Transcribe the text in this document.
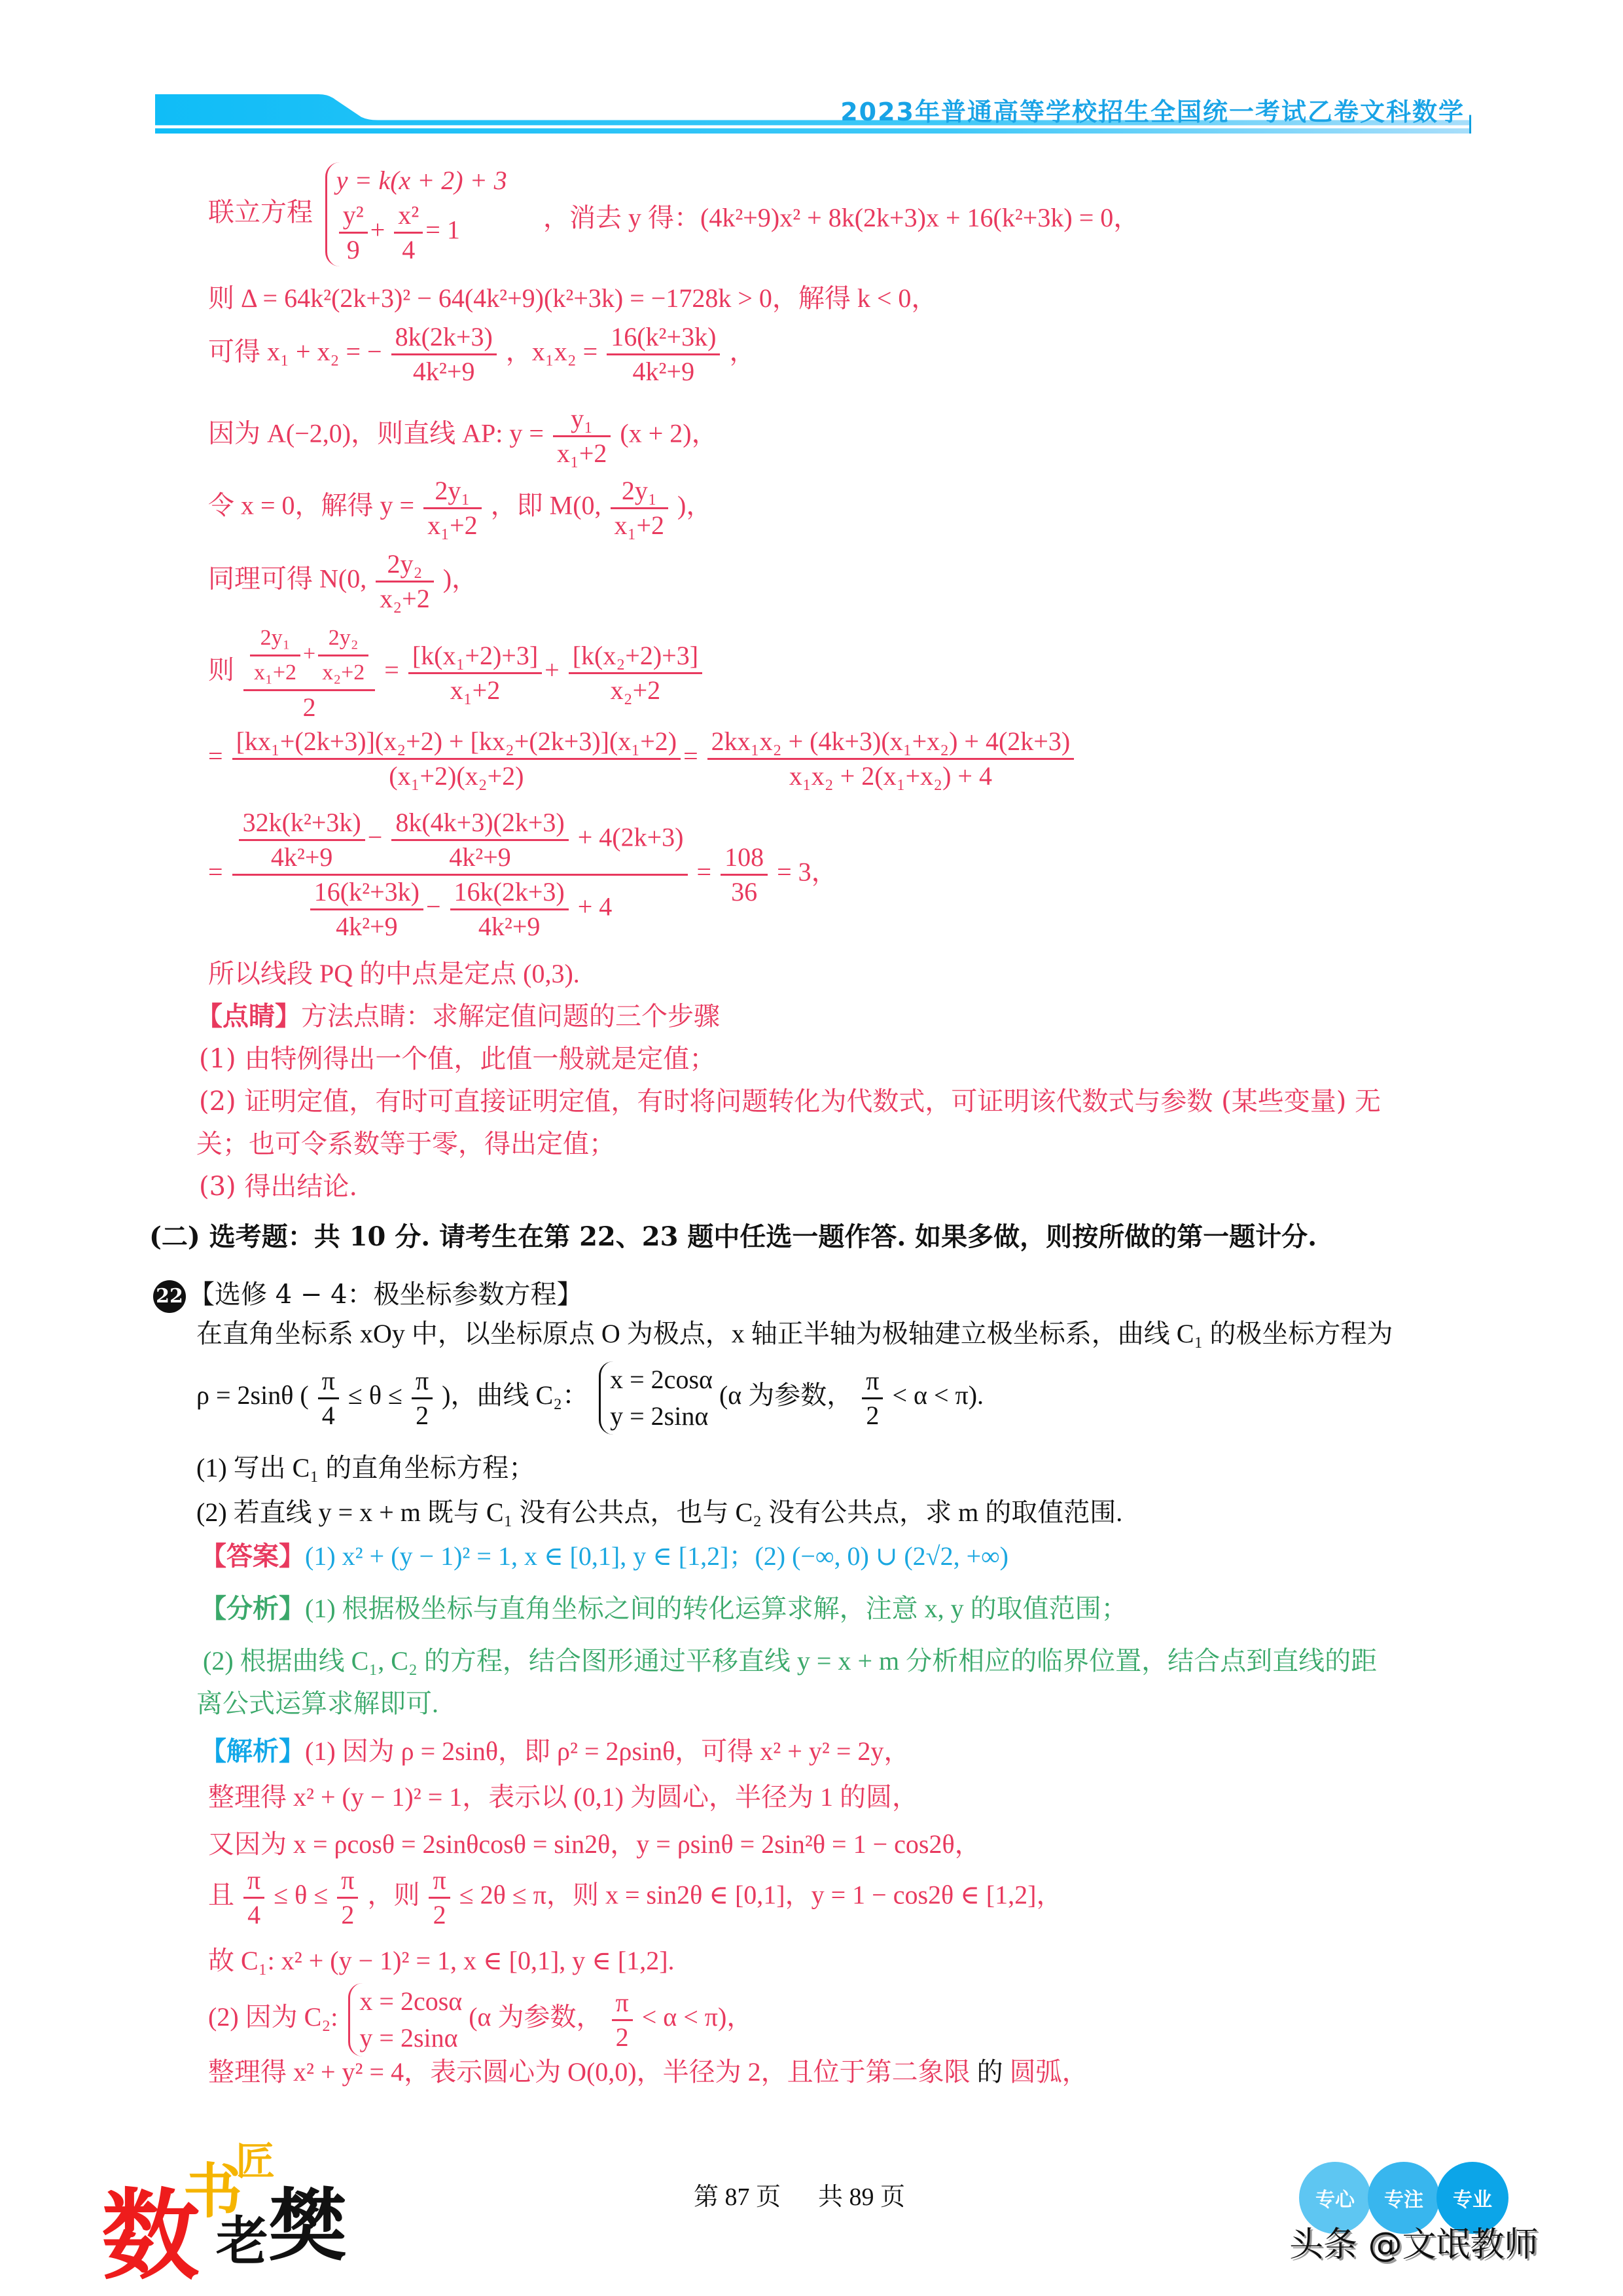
2023年普通高等学校招生全国统一考试乙卷文科数学
联立方程
y = k(x + 2) + 3
$\frac{\text{y²}}{9} + \frac{\text{x²}}{4} = 1$	，消去 y 得：(4k²+9)x² + 8k(2k+3)x + 16(k²+3k) = 0，
则 Δ = 64k²(2k+3)² − 64(4k²+9)(k²+3k) = −1728k > 0，解得 k < 0，
可得 x₁ + x₂ = − $\frac{8k(2k+3)}{\text{4k²+9}}$ ，$x_1x_2 = \frac{\text{16(k²+3k)}}{\text{4k²+9}}$ ，
因为 A(−2,0)，则直线 AP: $y = \frac{\text{y₁}}{\text{x₁+2}} (x + 2)$，
令 x = 0，解得 $y = \frac{\text{2y₁}}{\text{x₁+2}}$ ，即 M(0, $\frac{\text{2y₁}}{\text{x₁+2}}$ )，
同理可得 N(0, $\frac{\text{2y₂}}{\text{x₂+2}}$ )，
则 $\frac{\frac{\text{2y₁}}{\text{x₁+2}} + \frac{\text{2y₂}}{\text{x₂+2}}}{2} = \frac{\text{[k(x₁+2)+3]}}{\text{x₁+2}} + \frac{\text{[k(x₂+2)+3]}}{\text{x₂+2}}$
= $\frac{\text{[kx₁+(2k+3)](x₂+2) + [kx₂+(2k+3)](x₁+2)}}{\text{(x₁+2)(x₂+2)}} = \frac{\text{2kx₁x₂ + (4k+3)(x₁+x₂) + 4(2k+3)}}{\text{x₁x₂ + 2(x₁+x₂) + 4}}$
= $\frac{\frac{\text{32k(k²+3k)}}{\text{4k²+9}} - \frac{8k(4k+3)(2k+3)}{\text{4k²+9}} + 4(2k+3)}{\frac{\text{16(k²+3k)}}{\text{4k²+9}} - \frac{16k(2k+3)}{\text{4k²+9}} + 4} = \frac{108}{36} = 3$，
所以线段 PQ 的中点是定点 (0,3).
【点睛】方法点睛：求解定值问题的三个步骤
(1) 由特例得出一个值，此值一般就是定值；
(2) 证明定值，有时可直接证明定值，有时将问题转化为代数式，可证明该代数式与参数 (某些变量) 无
关；也可令系数等于零，得出定值；
(3) 得出结论.
(二) 选考题：共 10 分. 请考生在第 22、23 题中任选一题作答. 如果多做，则按所做的第一题计分.
22 【选修 4 − 4：极坐标参数方程】
在直角坐标系 xOy 中，以坐标原点 O 为极点，x 轴正半轴为极轴建立极坐标系，曲线 C₁ 的极坐标方程为
ρ = 2sinθ ( $\frac{\pi}{4} \le \theta \le \frac{\pi}{2}$ )，曲线 C₂：
x = 2cosα
y = 2sinα
(α 为参数， $\frac{\pi}{2} < \alpha < \pi$).
(1) 写出 C₁ 的直角坐标方程；
(2) 若直线 y = x + m 既与 C₁ 没有公共点，也与 C₂ 没有公共点，求 m 的取值范围.
【答案】(1) x² + (y − 1)² = 1, x ∈ [0,1], y ∈ [1,2]；(2) (−∞, 0) ∪ (2√2, +∞)
【分析】(1) 根据极坐标与直角坐标之间的转化运算求解，注意 x, y 的取值范围；
(2) 根据曲线 C₁, C₂ 的方程，结合图形通过平移直线 y = x + m 分析相应的临界位置，结合点到直线的距
离公式运算求解即可.
【解析】(1) 因为 ρ = 2sinθ，即 ρ² = 2ρsinθ，可得 x² + y² = 2y，
整理得 x² + (y − 1)² = 1，表示以 (0,1) 为圆心，半径为 1 的圆，
又因为 x = ρcosθ = 2sinθcosθ = sin2θ，y = ρsinθ = 2sin²θ = 1 − cos2θ，
且 $\frac{\pi}{4} \le \theta \le \frac{\pi}{2}$ ，则 $\frac{\pi}{2} \le 2\theta \le \pi$，则 x = sin2θ ∈ [0,1]，y = 1 − cos2θ ∈ [1,2]，
故 C₁: x² + (y − 1)² = 1, x ∈ [0,1], y ∈ [1,2].
(2) 因为 C₂:
x = 2cosα
y = 2sinα
(α 为参数， $\frac{\pi}{2} < \alpha < \pi$)，
整理得 x² + y² = 4，表示圆心为 O(0,0)，半径为 2，且位于第二象限 的 圆弧，
数
书
匠
老 樊	第 87 页 共 89 页	专心	专注	专业
头条 @文氓教师
